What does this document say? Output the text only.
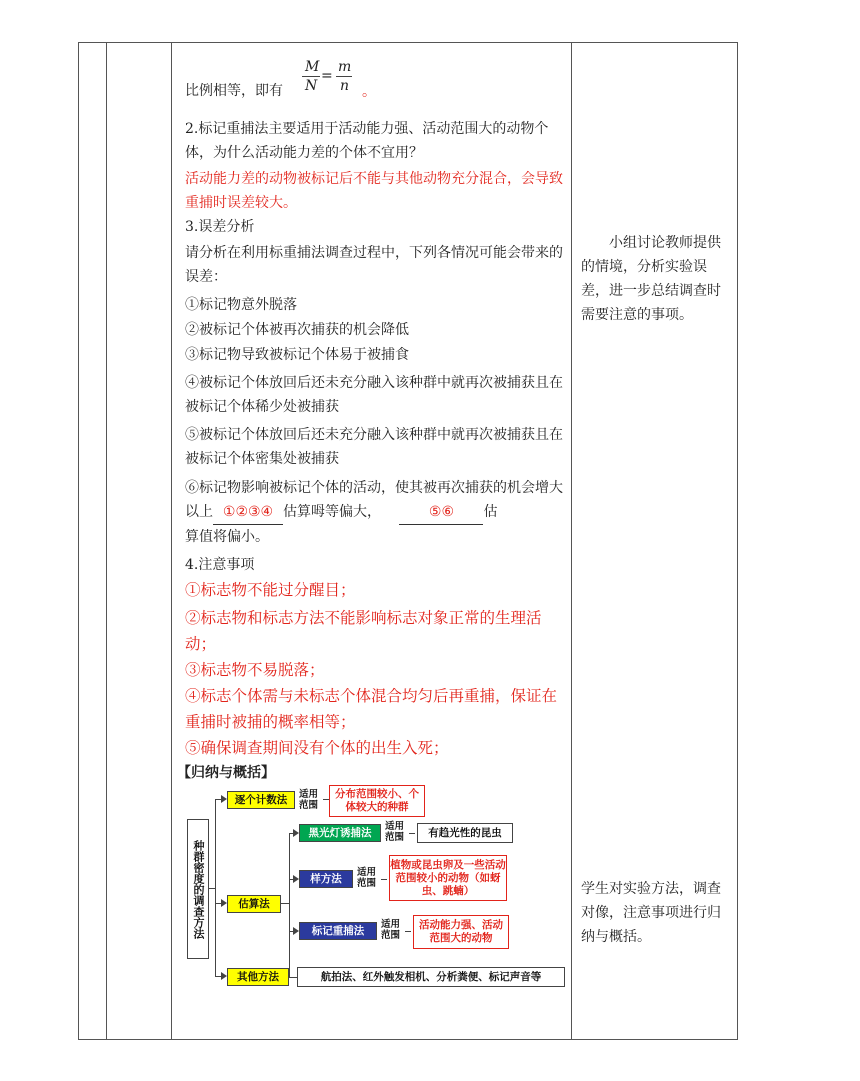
比例相等，即有
M
N
=
m
n 。
2.标记重捕法主要适用于活动能力强、活动范围大的动物个体，为什么活动能力差的个体不宜用？
活动能力差的动物被标记后不能与其他动物充分混合，会导致重捕时误差较大。
3.误差分析
请分析在利用标重捕法调查过程中，下列各情况可能会带来的误差：
①标记物意外脱落
②被标记个体被再次捕获的机会降低
③标记物导致被标记个体易于被捕食
④被标记个体放回后还未充分融入该种群中就再次被捕获且在被标记个体稀少处被捕获
⑤被标记个体放回后还未充分融入该种群中就再次被捕获且在被标记个体密集处被捕获
⑥标记物影响被标记个体的活动，使其被再次捕获的机会增大以上 ①②③④ 估算呣等偏大，	⑤⑥ 估
算值将偏小。
4.注意事项
①标志物不能过分醒目；
②标志物和标志方法不能影响标志对象正常的生理活动；
③标志物不易脱落；
④标志个体需与未标志个体混合均匀后再重捕，保证在重捕时被捕的概率相等；
⑤确保调查期间没有个体的出生入死；
【归纳与概括】
种群密度的调查方法
逐个计数法	适用范围
分布范围较小、个体较大的种群
估算法
黑光灯诱捕法	适用范围	有趋光性的昆虫
样方法	适用范围
植物或昆虫卵及一些活动范围较小的动物（如蚜虫、跳蝻）
标记重捕法	适用范围
活动能力强、活动范围大的动物
其他方法	航拍法、红外触发相机、分析粪便、标记声音等
小组讨论教师提供的情境，分析实验误差，进一步总结调查时需要注意的事项。
学生对实验方法，调查对像，注意事项进行归纳与概括。
